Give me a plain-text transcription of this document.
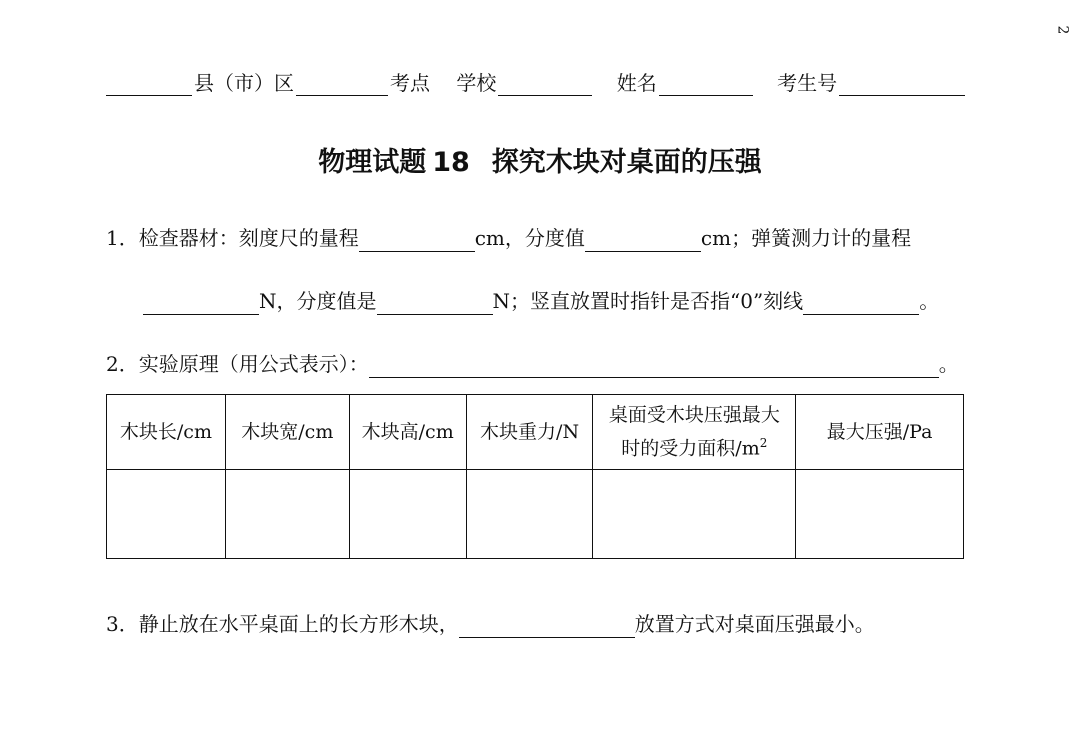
2
县（市）区	考点 学校	姓名	考生号
物理试题 18 探究木块对桌面的压强
1．检查器材：刻度尺的量程	cm，分度值	cm；弹簧测力计的量程
N，分度值是	N；竖直放置时指针是否指“0”刻线	。
2．实验原理（用公式表示）：	。
木块长/cm	木块宽/cm	木块高/cm	木块重力/N	桌面受木块压强最大
时的受力面积$/m^2$	最大压强/Pa

3．静止放在水平桌面上的长方形木块，	放置方式对桌面压强最小。
